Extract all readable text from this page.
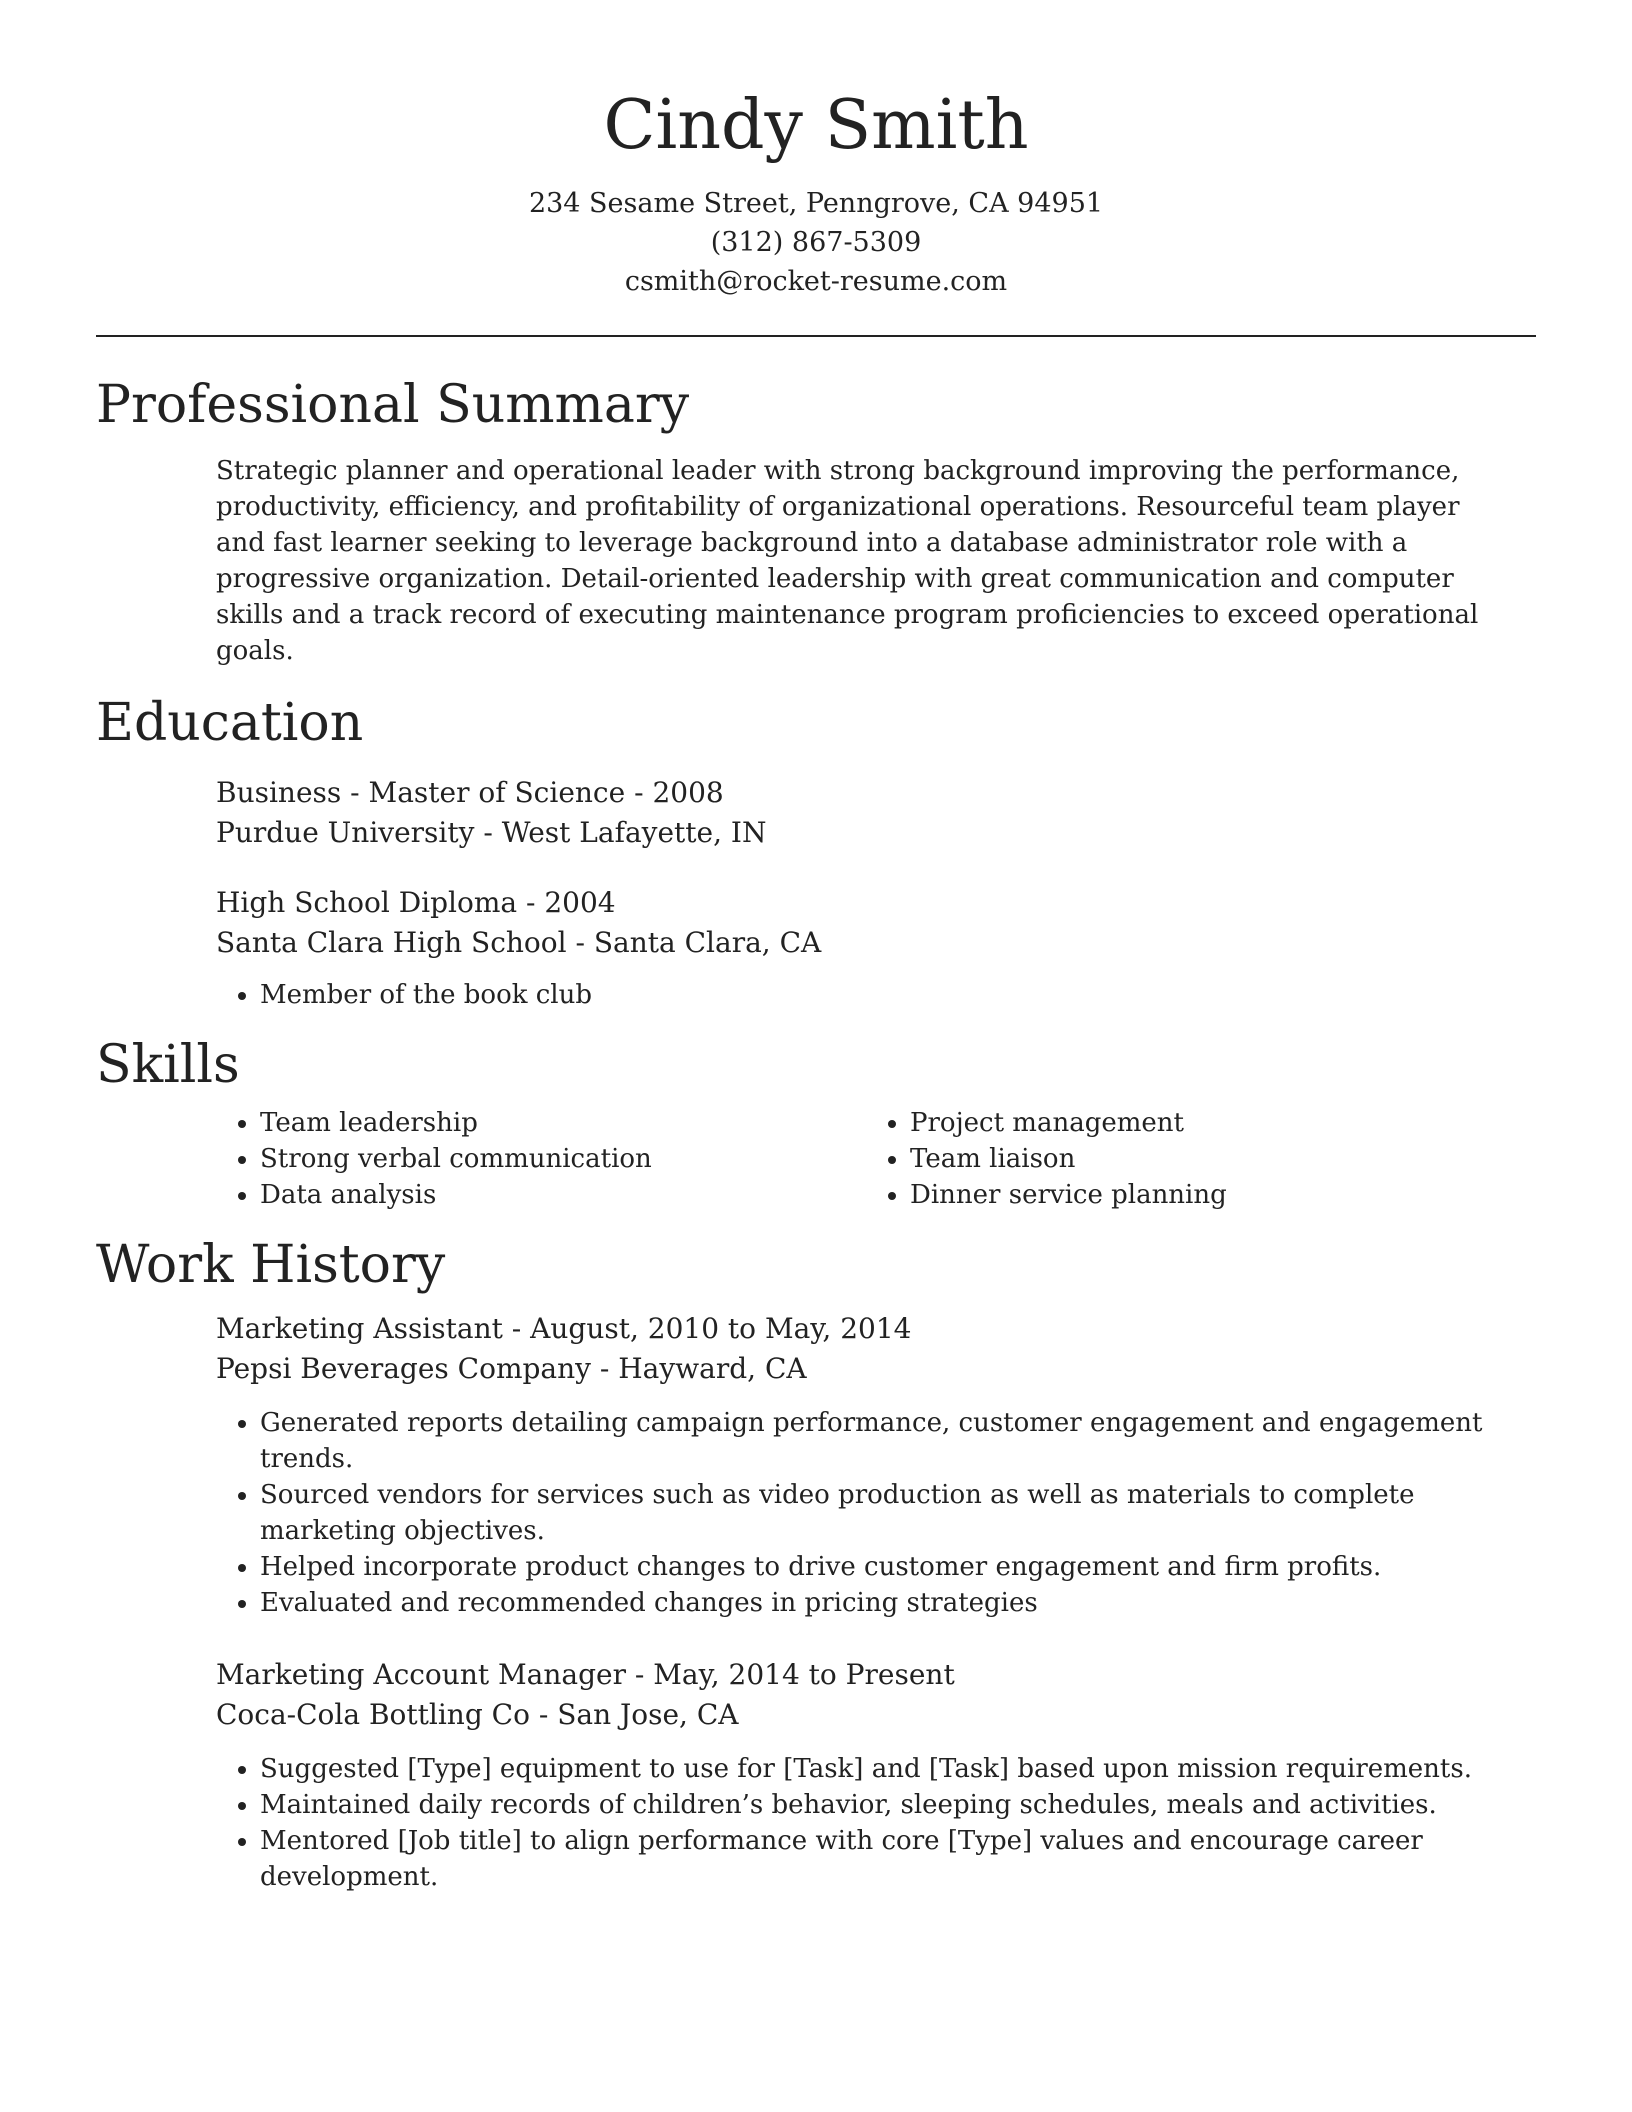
Cindy Smith
234 Sesame Street, Penngrove, CA 94951
(312) 867-5309
csmith@rocket-resume.com
Professional Summary
Strategic planner and operational leader with strong background improving the performance, productivity, efficiency, and profitability of organizational operations. Resourceful team player and fast learner seeking to leverage background into a database administrator role with a progressive organization. Detail-oriented leadership with great communication and computer skills and a track record of executing maintenance program proficiencies to exceed operational goals.
Education
Business - Master of Science - 2008
Purdue University - West Lafayette, IN
High School Diploma - 2004
Santa Clara High School - Santa Clara, CA
• Member of the book club
Skills
• Team leadership
• Strong verbal communication
• Data analysis
• Project management
• Team liaison
• Dinner service planning
Work History
Marketing Assistant - August, 2010 to May, 2014
Pepsi Beverages Company - Hayward, CA
• Generated reports detailing campaign performance, customer engagement and engagement trends.
• Sourced vendors for services such as video production as well as materials to complete marketing objectives.
• Helped incorporate product changes to drive customer engagement and firm profits.
• Evaluated and recommended changes in pricing strategies
Marketing Account Manager - May, 2014 to Present
Coca-Cola Bottling Co - San Jose, CA
• Suggested [Type] equipment to use for [Task] and [Task] based upon mission requirements.
• Maintained daily records of children’s behavior, sleeping schedules, meals and activities.
• Mentored [Job title] to align performance with core [Type] values and encourage career development.
